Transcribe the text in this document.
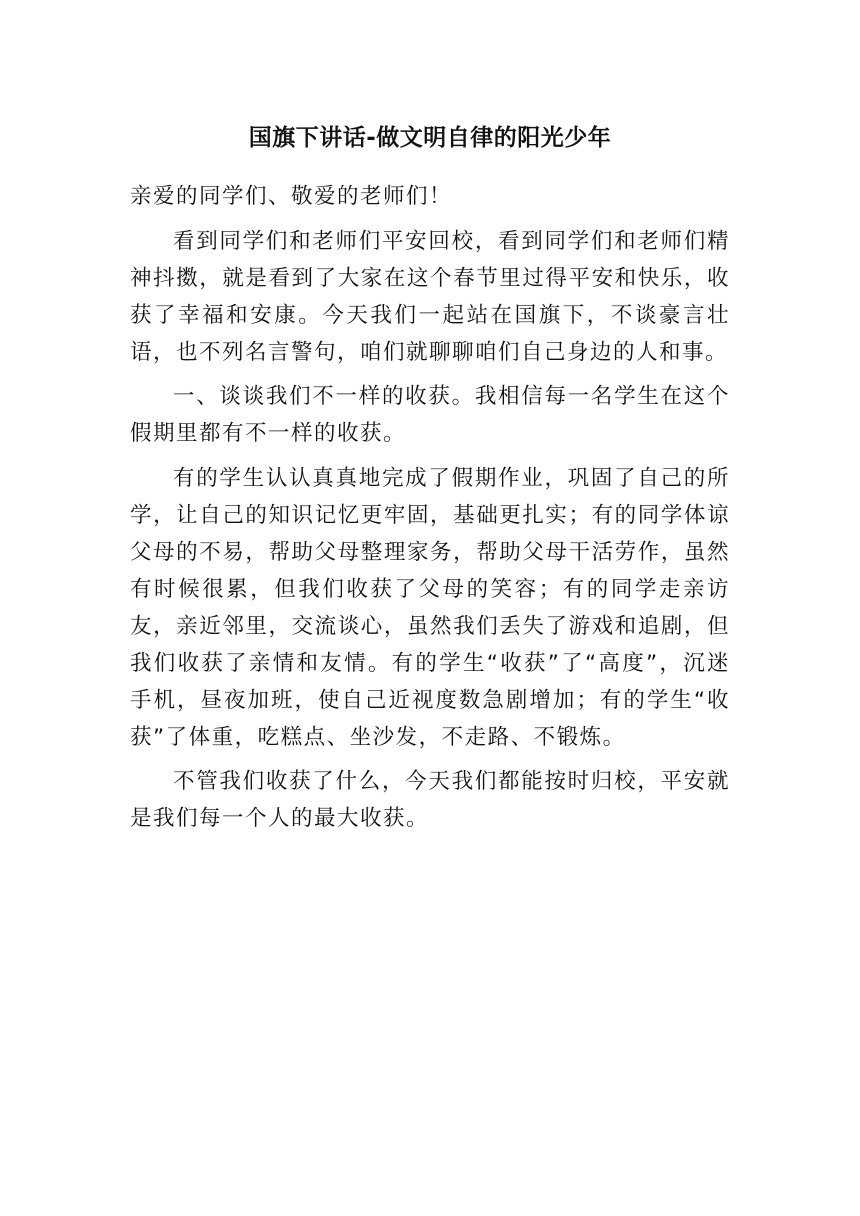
国旗下讲话-做文明自律的阳光少年

亲爱的同学们、敬爱的老师们！

看到同学们和老师们平安回校，看到同学们和老师们精神抖擞，就是看到了大家在这个春节里过得平安和快乐，收获了幸福和安康。今天我们一起站在国旗下，不谈豪言壮语，也不列名言警句，咱们就聊聊咱们自己身边的人和事。

一、谈谈我们不一样的收获。我相信每一名学生在这个假期里都有不一样的收获。

有的学生认认真真地完成了假期作业，巩固了自己的所学，让自己的知识记忆更牢固，基础更扎实；有的同学体谅父母的不易，帮助父母整理家务，帮助父母干活劳作，虽然有时候很累，但我们收获了父母的笑容；有的同学走亲访友，亲近邻里，交流谈心，虽然我们丢失了游戏和追剧，但我们收获了亲情和友情。有的学生“收获”了“高度”，沉迷手机，昼夜加班，使自己近视度数急剧增加；有的学生“收获”了体重，吃糕点、坐沙发，不走路、不锻炼。

不管我们收获了什么，今天我们都能按时归校，平安就是我们每一个人的最大收获。
